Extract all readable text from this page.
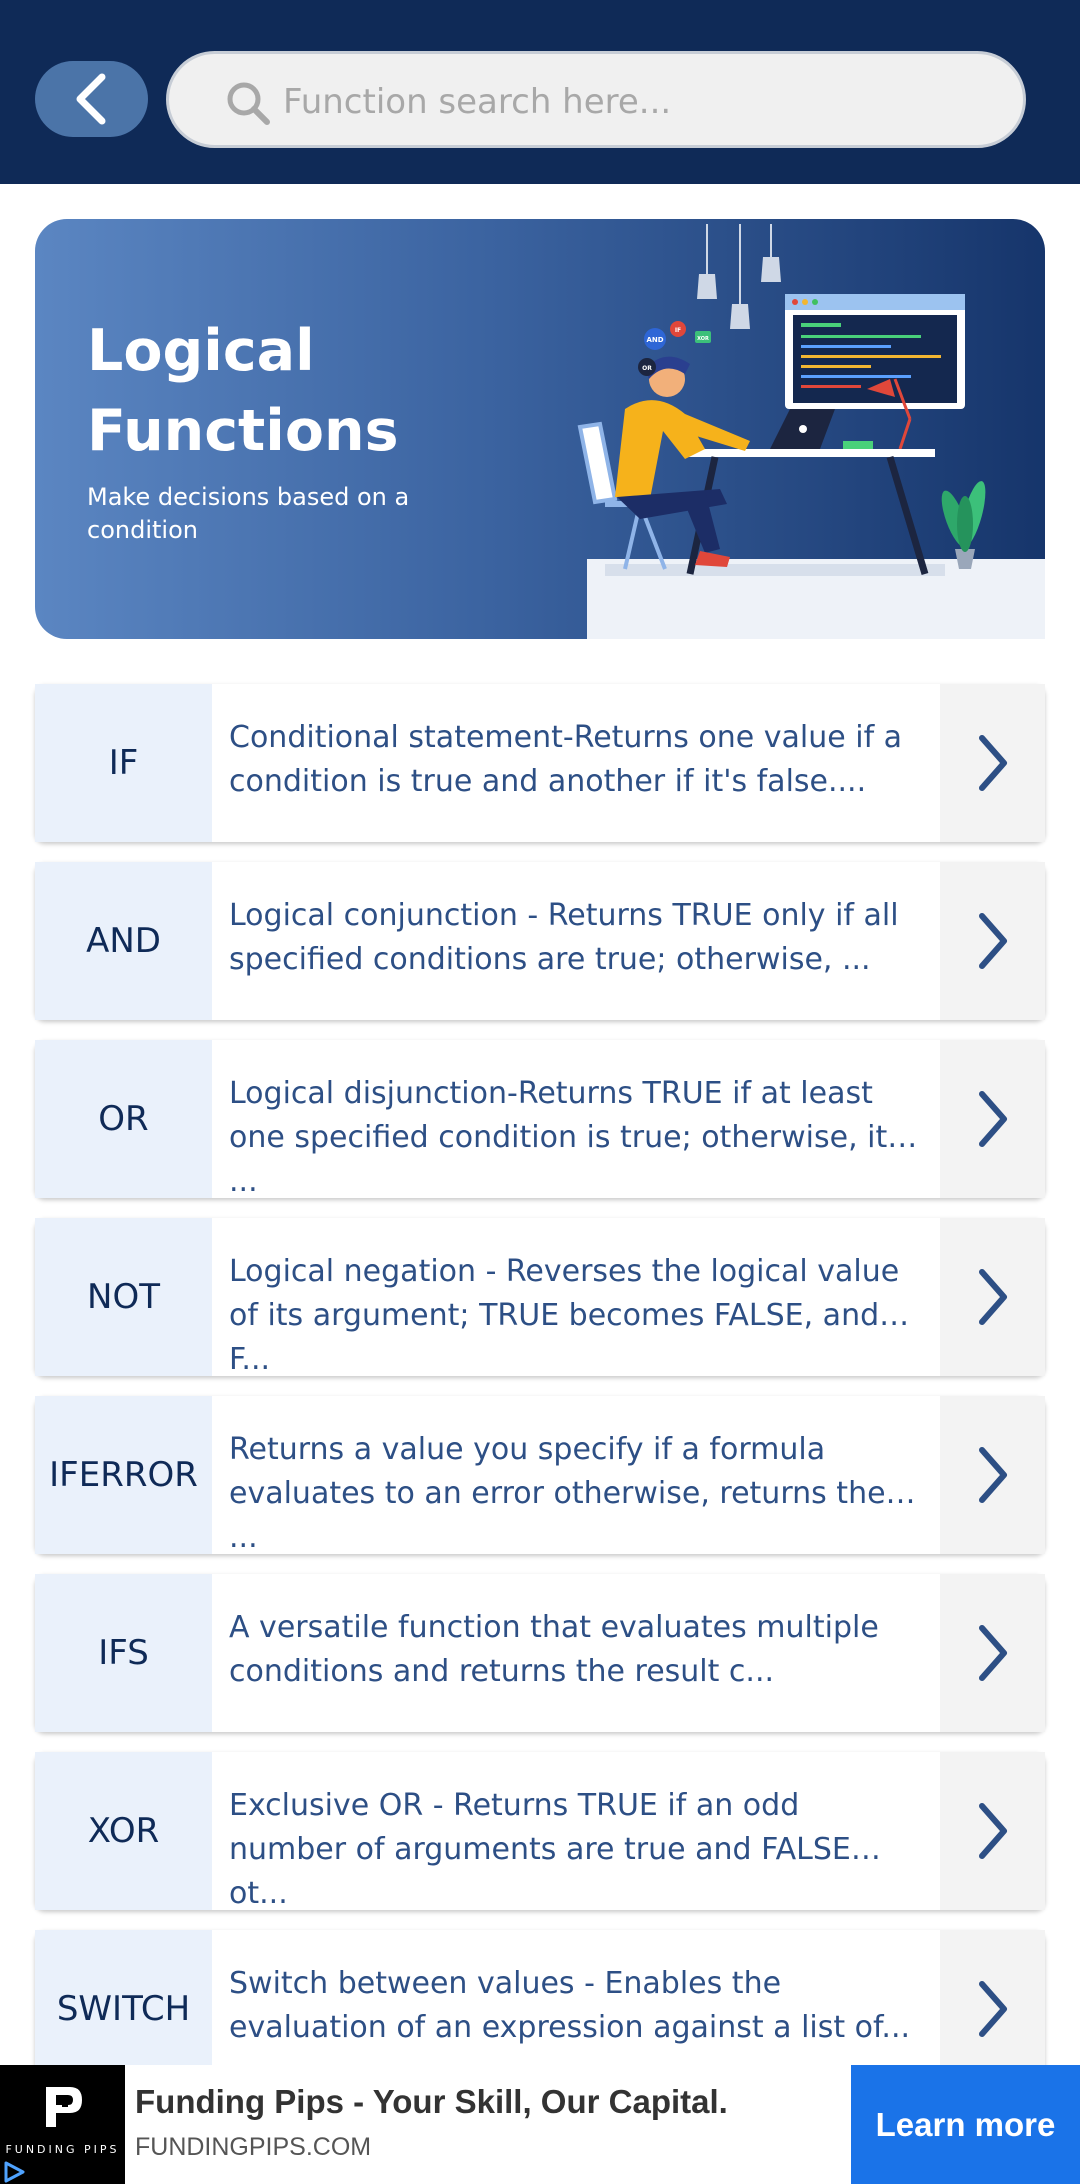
Function search here...
Logical Functions
Make decisions based on a condition
AND
IF
OR
XOR
IF
Conditional statement-Returns one value if a condition is true and another if it's false....
AND
Logical conjunction - Returns TRUE only if all specified conditions are true; otherwise, ...
OR
Logical disjunction-Returns TRUE if at least one specified condition is true; otherwise, it ...
NOT
Logical negation - Reverses the logical value of its argument; TRUE becomes FALSE, and F...
IFERROR
Returns a value you specify if a formula evaluates to an error otherwise, returns the ...
IFS
A versatile function that evaluates multiple conditions and returns the result c...
XOR
Exclusive OR - Returns TRUE if an odd number of arguments are true and FALSE ot...
SWITCH
Switch between values - Enables the evaluation of an expression against a list of...
FUNDING PIPS
Funding Pips - Your Skill, Our Capital.
FUNDINGPIPS.COM
Learn more
